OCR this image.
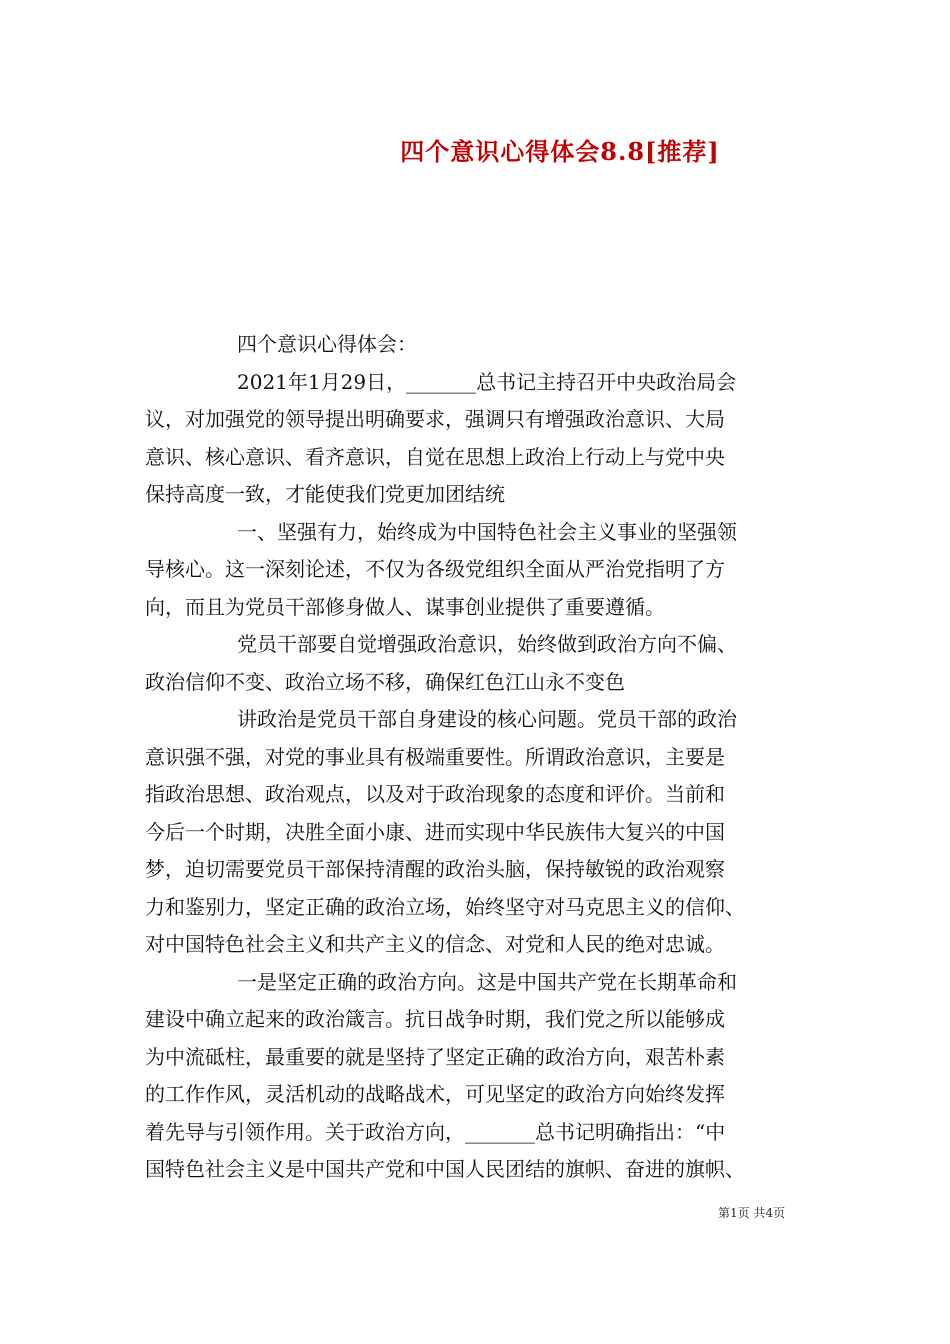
四个意识心得体会8.8[推荐]
四个意识心得体会：
2021年1月29日，_______总书记主持召开中央政治局会
议，对加强党的领导提出明确要求，强调只有增强政治意识、大局
意识、核心意识、看齐意识，自觉在思想上政治上行动上与党中央
保持高度一致，才能使我们党更加团结统
一、坚强有力，始终成为中国特色社会主义事业的坚强领
导核心。这一深刻论述，不仅为各级党组织全面从严治党指明了方
向，而且为党员干部修身做人、谋事创业提供了重要遵循。
党员干部要自觉增强政治意识，始终做到政治方向不偏、
政治信仰不变、政治立场不移，确保红色江山永不变色
讲政治是党员干部自身建设的核心问题。党员干部的政治
意识强不强，对党的事业具有极端重要性。所谓政治意识，主要是
指政治思想、政治观点，以及对于政治现象的态度和评价。当前和
今后一个时期，决胜全面小康、进而实现中华民族伟大复兴的中国
梦，迫切需要党员干部保持清醒的政治头脑，保持敏锐的政治观察
力和鉴别力，坚定正确的政治立场，始终坚守对马克思主义的信仰、
对中国特色社会主义和共产主义的信念、对党和人民的绝对忠诚。
一是坚定正确的政治方向。这是中国共产党在长期革命和
建设中确立起来的政治箴言。抗日战争时期，我们党之所以能够成
为中流砥柱，最重要的就是坚持了坚定正确的政治方向，艰苦朴素
的工作作风，灵活机动的战略战术，可见坚定的政治方向始终发挥
着先导与引领作用。关于政治方向，_______总书记明确指出：“中
国特色社会主义是中国共产党和中国人民团结的旗帜、奋进的旗帜、
第1页 共4页
